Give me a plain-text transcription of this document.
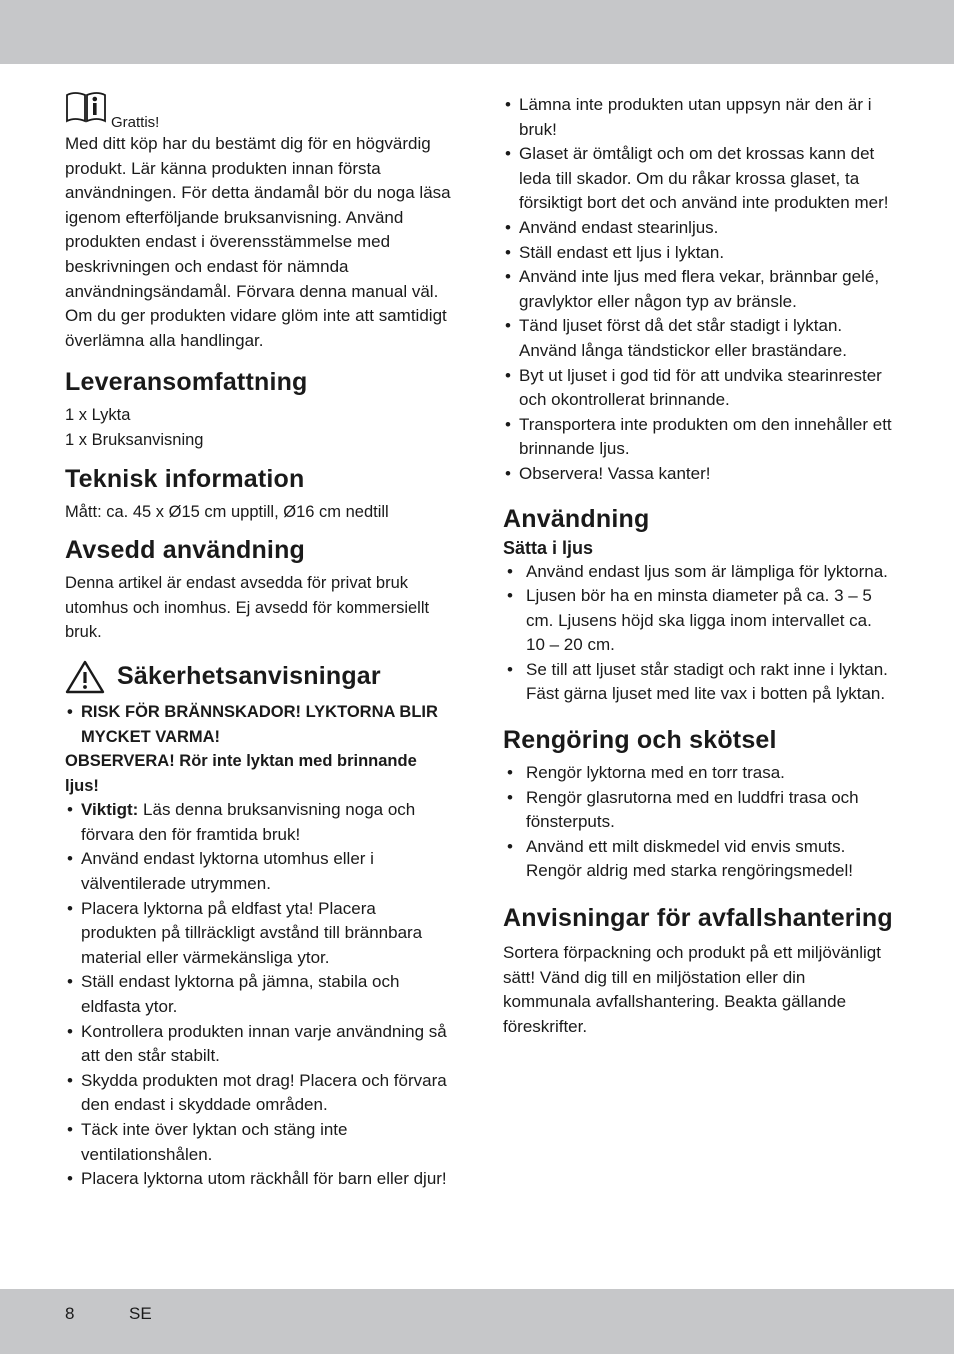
Grattis!

Med ditt köp har du bestämt dig för en högvärdig produkt. Lär känna produkten innan första användningen. För detta ändamål bör du noga läsa igenom efterföljande bruksanvisning. Använd produkten endast i överensstämmelse med beskrivningen och endast för nämnda användningsändamål. Förvara denna manual väl. Om du ger produkten vidare glöm inte att samtidigt överlämna alla handlingar.

Leveransomfattning

1 x Lykta

1 x Bruksanvisning

Teknisk information

Mått: ca. 45 x Ø15 cm upptill, Ø16 cm nedtill

Avsedd användning

Denna artikel är endast avsedda för privat bruk utomhus och inomhus. Ej avsedd för kommersiellt bruk.

Säkerhetsanvisningar
• RISK FÖR BRÄNNSKADOR! LYKTORNA BLIR MYCKET VARMA!

OBSERVERA! Rör inte lyktan med brinnande ljus!

• Viktigt: Läs denna bruksanvisning noga och förvara den för framtida bruk!
• Använd endast lyktorna utomhus eller i välventilerade utrymmen.
• Placera lyktorna på eldfast yta! Placera produkten på tillräckligt avstånd till brännbara material eller värmekänsliga ytor.
• Ställ endast lyktorna på jämna, stabila och eldfasta ytor.
• Kontrollera produkten innan varje användning så att den står stabilt.
• Skydda produkten mot drag! Placera och förvara den endast i skyddade områden.
• Täck inte över lyktan och stäng inte ventilationshålen.
• Placera lyktorna utom räckhåll för barn eller djur!
• Lämna inte produkten utan uppsyn när den är i bruk!
• Glaset är ömtåligt och om det krossas kann det leda till skador. Om du råkar krossa glaset, ta försiktigt bort det och använd inte produkten mer!
• Använd endast stearinljus.
• Ställ endast ett ljus i lyktan.
• Använd inte ljus med flera vekar, brännbar gelé, gravlyktor eller någon typ av bränsle.
• Tänd ljuset först då det står stadigt i lyktan. Använd långa tändstickor eller braständare.
• Byt ut ljuset i god tid för att undvika stearinrester och okontrollerat brinnande.
• Transportera inte produkten om den innehåller ett brinnande ljus.
• Observera! Vassa kanter!
Användning
Sätta i ljus
• Använd endast ljus som är lämpliga för lyktorna.
• Ljusen bör ha en minsta diameter på ca. 3 – 5 cm. Ljusens höjd ska ligga inom intervallet ca. 10 – 20 cm.
• Se till att ljuset står stadigt och rakt inne i lyktan. Fäst gärna ljuset med lite vax i botten på lyktan.
Rengöring och skötsel
• Rengör lyktorna med en torr trasa.
• Rengör glasrutorna med en luddfri trasa och fönsterputs.
• Använd ett milt diskmedel vid envis smuts. Rengör aldrig med starka rengöringsmedel!
Anvisningar för avfallshantering

Sortera förpackning och produkt på ett miljövänligt sätt! Vänd dig till en miljöstation eller din kommunala avfallshantering. Beakta gällande föreskrifter.

8	SE
